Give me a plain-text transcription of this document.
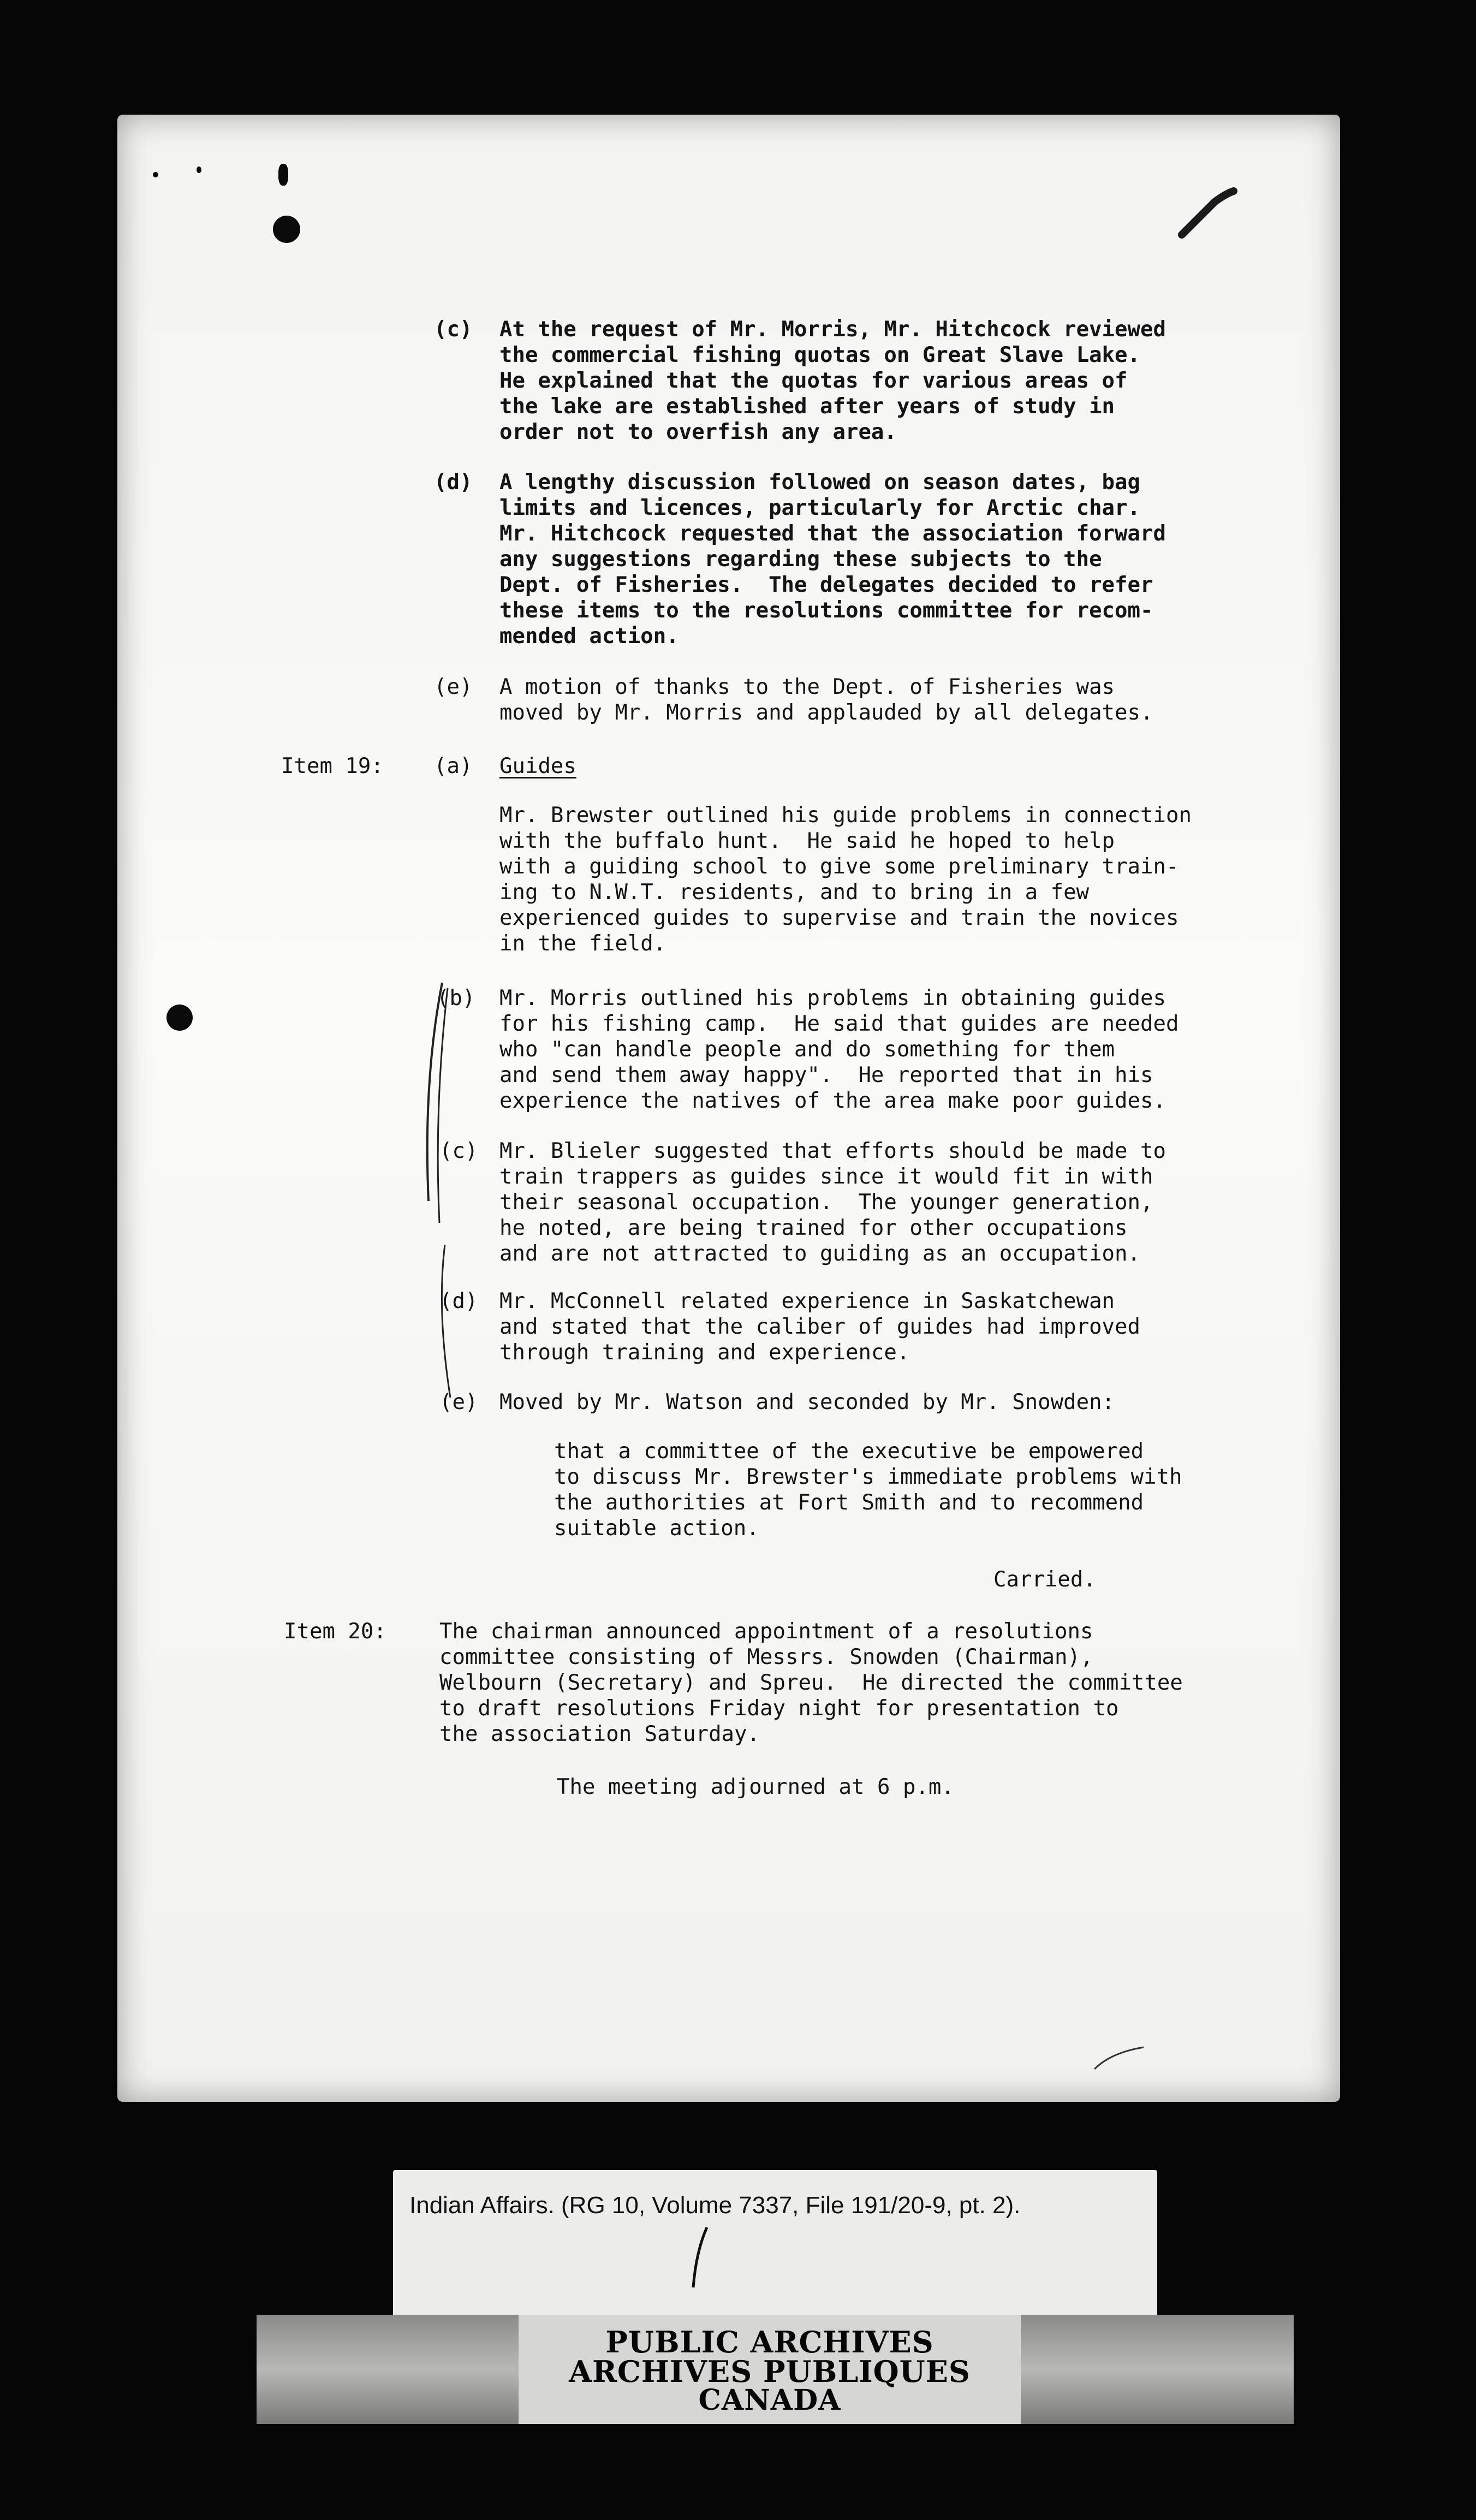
(c) At the request of Mr. Morris, Mr. Hitchcock reviewed
the commercial fishing quotas on Great Slave Lake.
He explained that the quotas for various areas of
the lake are established after years of study in
order not to overfish any area.
(d) A lengthy discussion followed on season dates, bag
limits and licences, particularly for Arctic char.
Mr. Hitchcock requested that the association forward
any suggestions regarding these subjects to the
Dept. of Fisheries.  The delegates decided to refer
these items to the resolutions committee for recom-
mended action.
(e) A motion of thanks to the Dept. of Fisheries was
moved by Mr. Morris and applauded by all delegates.
Item 19: (a) Guides
Mr. Brewster outlined his guide problems in connection
with the buffalo hunt.  He said he hoped to help
with a guiding school to give some preliminary train-
ing to N.W.T. residents, and to bring in a few
experienced guides to supervise and train the novices
in the field.
(b) Mr. Morris outlined his problems in obtaining guides
for his fishing camp.  He said that guides are needed
who "can handle people and do something for them
and send them away happy".  He reported that in his
experience the natives of the area make poor guides.
(c) Mr. Blieler suggested that efforts should be made to
train trappers as guides since it would fit in with
their seasonal occupation.  The younger generation,
he noted, are being trained for other occupations
and are not attracted to guiding as an occupation.
(d) Mr. McConnell related experience in Saskatchewan
and stated that the caliber of guides had improved
through training and experience.
(e) Moved by Mr. Watson and seconded by Mr. Snowden:
that a committee of the executive be empowered
to discuss Mr. Brewster's immediate problems with
the authorities at Fort Smith and to recommend
suitable action.
Carried.
Item 20: The chairman announced appointment of a resolutions
committee consisting of Messrs. Snowden (Chairman),
Welbourn (Secretary) and Spreu.  He directed the committee
to draft resolutions Friday night for presentation to
the association Saturday.
The meeting adjourned at 6 p.m.
Indian Affairs. (RG 10, Volume 7337, File 191/20-9, pt. 2).
PUBLIC ARCHIVES
ARCHIVES PUBLIQUES
CANADA
